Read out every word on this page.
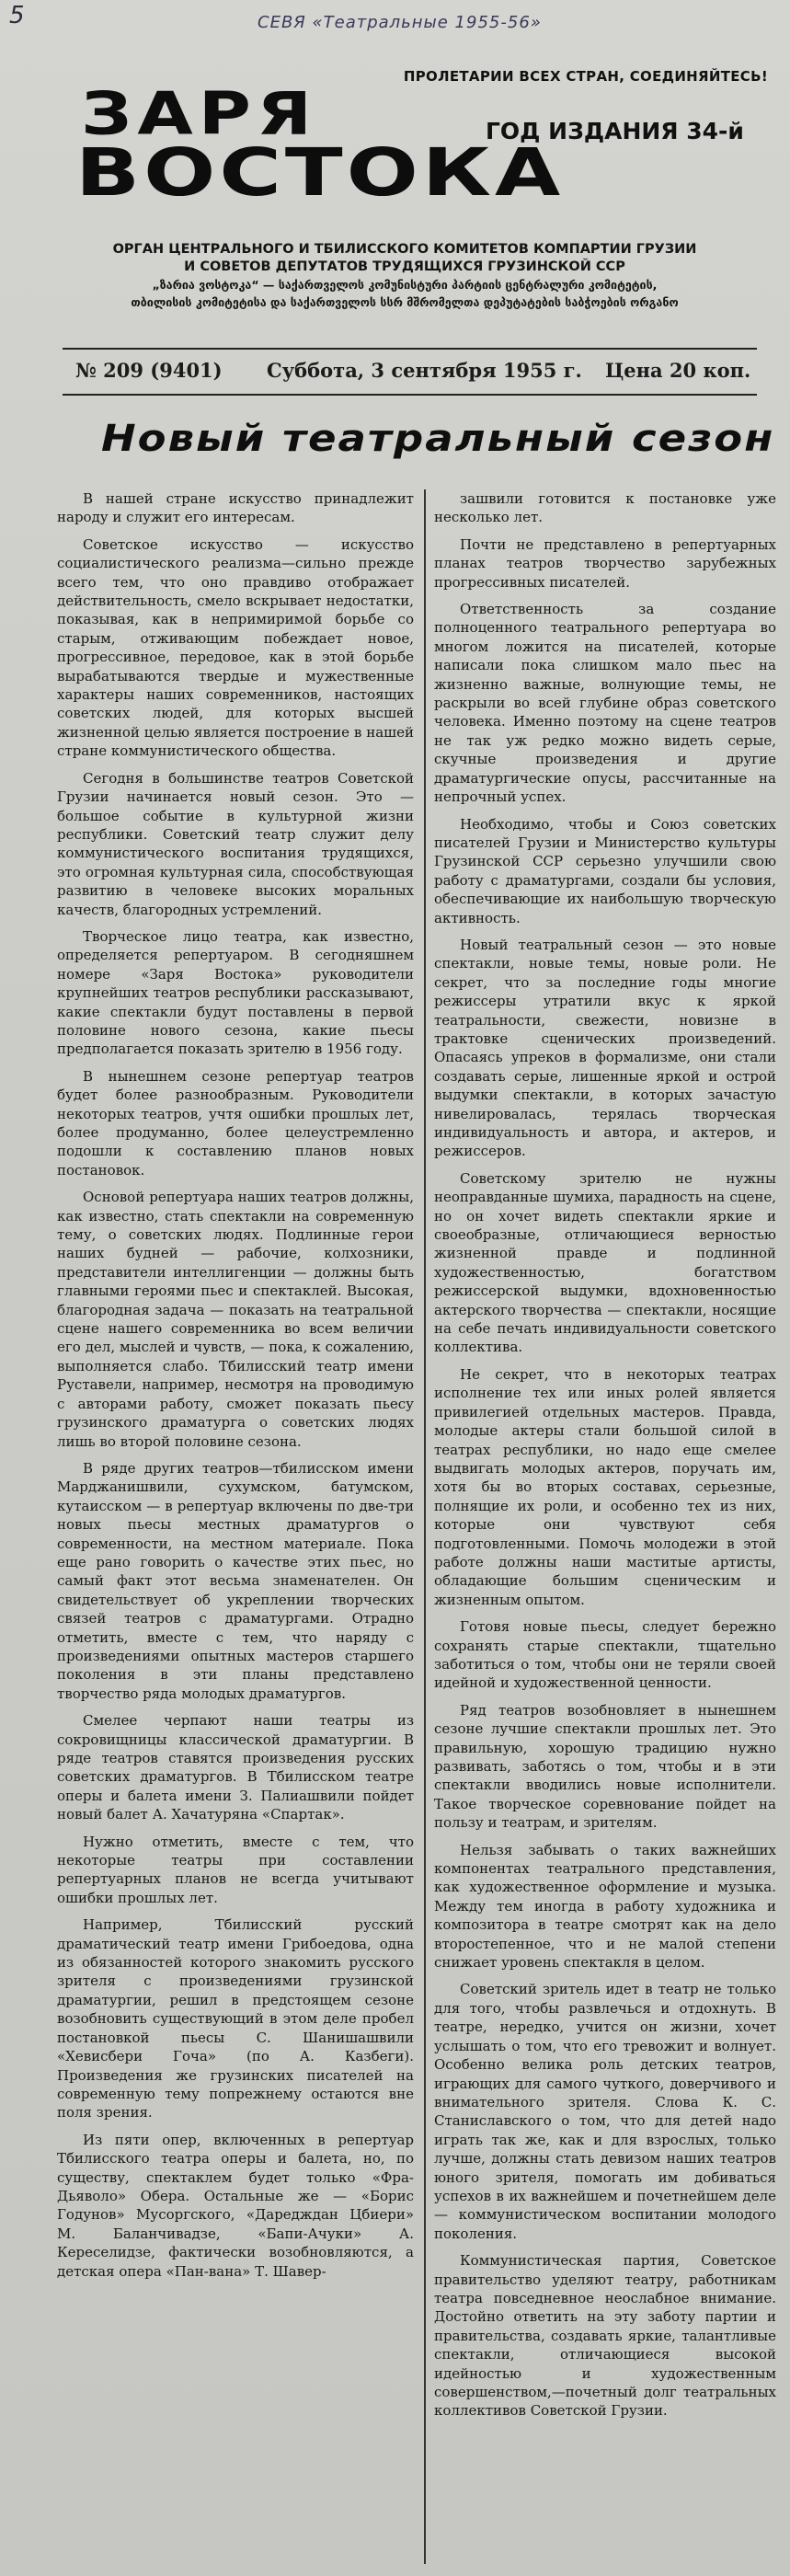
5	СЕВЯ «Театральные 1955-56»
ПРОЛЕТАРИИ ВСЕХ СТРАН, СОЕДИНЯЙТЕСЬ!
ЗАРЯ	ГОД ИЗДАНИЯ 34-й
ВОСТОКА
ОРГАН ЦЕНТРАЛЬНОГО И ТБИЛИССКОГО КОМИТЕТОВ КОМПАРТИИ ГРУЗИИ
И СОВЕТОВ ДЕПУТАТОВ ТРУДЯЩИХСЯ ГРУЗИНСКОЙ ССР
„ზარია ვოსტოკა“ — საქართველოს კომუნისტური პარტიის ცენტრალური კომიტეტის,
თბილისის კომიტეტისა და საქართველოს სსრ მშრომელთა დეპუტატების საბჭოების ორგანო
№ 209 (9401) Суббота, 3 сентября 1955 г. Цена 20 коп.
Новый театральный сезон

В нашей стране искусство принадлежит народу и служит его интересам.

Советское искусство — искусство социалистического реализма—сильно прежде всего тем, что оно правдиво отображает действительность, смело вскрывает недостатки, показывая, как в непримиримой борьбе со старым, отживающим побеждает новое, прогрессивное, передовое, как в этой борьбе вырабатываются твердые и мужественные характеры наших современников, настоящих советских людей, для которых высшей жизненной целью является построение в нашей стране коммунистического общества.

Сегодня в большинстве театров Советской Грузии начинается новый сезон. Это — большое событие в культурной жизни республики. Советский театр служит делу коммунистического воспитания трудящихся, это огромная культурная сила, способствующая развитию в человеке высоких моральных качеств, благородных устремлений.

Творческое лицо театра, как известно, определяется репертуаром. В сегодняшнем номере «Заря Востока» руководители крупнейших театров республики рассказывают, какие спектакли будут поставлены в первой половине нового сезона, какие пьесы предполагается показать зрителю в 1956 году.

В нынешнем сезоне репертуар театров будет более разнообразным. Руководители некоторых театров, учтя ошибки прошлых лет, более продуманно, более целеустремленно подошли к составлению планов новых постановок.

Основой репертуара наших театров должны, как известно, стать спектакли на современную тему, о советских людях. Подлинные герои наших будней — рабочие, колхозники, представители интеллигенции — должны быть главными героями пьес и спектаклей. Высокая, благородная задача — показать на театральной сцене нашего современника во всем величии его дел, мыслей и чувств, — пока, к сожалению, выполняется слабо. Тбилисский театр имени Руставели, например, несмотря на проводимую с авторами работу, сможет показать пьесу грузинского драматурга о советских людях лишь во второй половине сезона.

В ряде других театров—тбилисском имени Марджанишвили, сухумском, батумском, кутаисском — в репертуар включены по две-три новых пьесы местных драматургов о современности, на местном материале. Пока еще рано говорить о качестве этих пьес, но самый факт этот весьма знаменателен. Он свидетельствует об укреплении творческих связей театров с драматургами. Отрадно отметить, вместе с тем, что наряду с произведениями опытных мастеров старшего поколения в эти планы представлено творчество ряда молодых драматургов.

Смелее черпают наши театры из сокровищницы классической драматургии. В ряде театров ставятся произведения русских советских драматургов. В Тбилисском театре оперы и балета имени З. Палиашвили пойдет новый балет А. Хачатуряна «Спартак».

Нужно отметить, вместе с тем, что некоторые театры при составлении репертуарных планов не всегда учитывают ошибки прошлых лет.

Например, Тбилисский русский драматический театр имени Грибоедова, одна из обязанностей которого знакомить русского зрителя с произведениями грузинской драматургии, решил в предстоящем сезоне возобновить существующий в этом деле пробел постановкой пьесы С. Шанишашвили «Хевисбери Гоча» (по А. Казбеги). Произведения же грузинских писателей на современную тему попрежнему остаются вне поля зрения.

Из пяти опер, включенных в репертуар Тбилисского театра оперы и балета, но, по существу, спектаклем будет только «Фра-Дьяволо» Обера. Остальные же — «Борис Годунов» Мусоргского, «Даредждан Цбиери» М. Баланчивадзе, «Бапи-Ачуки» А. Кереселидзе, фактически возобновляются, а детская опера «Пан-вана» Т. Шавер-

зашвили готовится к постановке уже несколько лет.

Почти не представлено в репертуарных планах театров творчество зарубежных прогрессивных писателей.

Ответственность за создание полноценного театрального репертуара во многом ложится на писателей, которые написали пока слишком мало пьес на жизненно важные, волнующие темы, не раскрыли во всей глубине образ советского человека. Именно поэтому на сцене театров не так уж редко можно видеть серые, скучные произведения и другие драматургические опусы, рассчитанные на непрочный успех.

Необходимо, чтобы и Союз советских писателей Грузии и Министерство культуры Грузинской ССР серьезно улучшили свою работу с драматургами, создали бы условия, обеспечивающие их наибольшую творческую активность.

Новый театральный сезон — это новые спектакли, новые темы, новые роли. Не секрет, что за последние годы многие режиссеры утратили вкус к яркой театральности, свежести, новизне в трактовке сценических произведений. Опасаясь упреков в формализме, они стали создавать серые, лишенные яркой и острой выдумки спектакли, в которых зачастую нивелировалась, терялась творческая индивидуальность и автора, и актеров, и режиссеров.

Советскому зрителю не нужны неоправданные шумиха, парадность на сцене, но он хочет видеть спектакли яркие и своеобразные, отличающиеся верностью жизненной правде и подлинной художественностью, богатством режиссерской выдумки, вдохновенностью актерского творчества — спектакли, носящие на себе печать индивидуальности советского коллектива.

Не секрет, что в некоторых театрах исполнение тех или иных ролей является привилегией отдельных мастеров. Правда, молодые актеры стали большой силой в театрах республики, но надо еще смелее выдвигать молодых актеров, поручать им, хотя бы во вторых составах, серьезные, полнящие их роли, и особенно тех из них, которые они чувствуют себя подготовленными. Помочь молодежи в этой работе должны наши маститые артисты, обладающие большим сценическим и жизненным опытом.

Готовя новые пьесы, следует бережно сохранять старые спектакли, тщательно заботиться о том, чтобы они не теряли своей идейной и художественной ценности.

Ряд театров возобновляет в нынешнем сезоне лучшие спектакли прошлых лет. Это правильную, хорошую традицию нужно развивать, заботясь о том, чтобы и в эти спектакли вводились новые исполнители. Такое творческое соревнование пойдет на пользу и театрам, и зрителям.

Нельзя забывать о таких важнейших компонентах театрального представления, как художественное оформление и музыка. Между тем иногда в работу художника и композитора в театре смотрят как на дело второстепенное, что и не малой степени снижает уровень спектакля в целом.

Советский зритель идет в театр не только для того, чтобы развлечься и отдохнуть. В театре, нередко, учится он жизни, хочет услышать о том, что его тревожит и волнует. Особенно велика роль детских театров, играющих для самого чуткого, доверчивого и внимательного зрителя. Слова К. С. Станиславского о том, что для детей надо играть так же, как и для взрослых, только лучше, должны стать девизом наших театров юного зрителя, помогать им добиваться успехов в их важнейшем и почетнейшем деле — коммунистическом воспитании молодого поколения.

Коммунистическая партия, Советское правительство уделяют театру, работникам театра повседневное неослабное внимание. Достойно ответить на эту заботу партии и правительства, создавать яркие, талантливые спектакли, отличающиеся высокой идейностью и художественным совершенством,—почетный долг театральных коллективов Советской Грузии.
